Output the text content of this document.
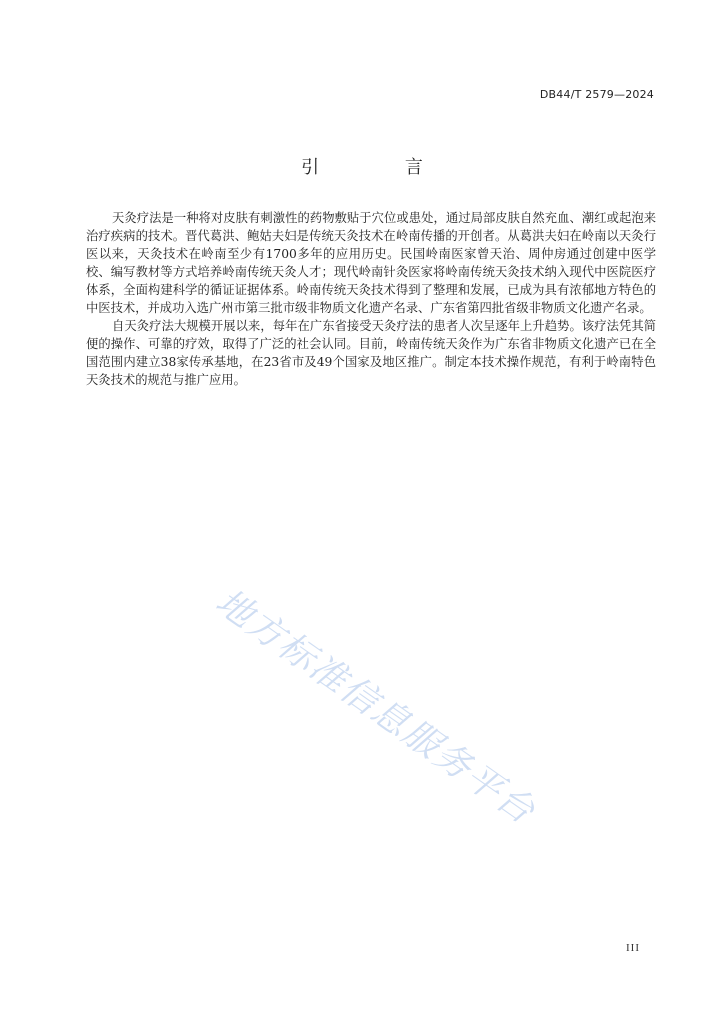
DB44/T 2579—2024
引 言

天灸疗法是一种将对皮肤有刺激性的药物敷贴于穴位或患处，通过局部皮肤自然充血、潮红或起泡来治疗疾病的技术。晋代葛洪、鲍姑夫妇是传统天灸技术在岭南传播的开创者。从葛洪夫妇在岭南以天灸行医以来，天灸技术在岭南至少有1700多年的应用历史。民国岭南医家曾天治、周仲房通过创建中医学校、编写教材等方式培养岭南传统天灸人才；现代岭南针灸医家将岭南传统天灸技术纳入现代中医院医疗体系，全面构建科学的循证证据体系。岭南传统天灸技术得到了整理和发展，已成为具有浓郁地方特色的中医技术，并成功入选广州市第三批市级非物质文化遗产名录、广东省第四批省级非物质文化遗产名录。

自天灸疗法大规模开展以来，每年在广东省接受天灸疗法的患者人次呈逐年上升趋势。该疗法凭其简便的操作、可靠的疗效，取得了广泛的社会认同。目前，岭南传统天灸作为广东省非物质文化遗产已在全国范围内建立38家传承基地，在23省市及49个国家及地区推广。制定本技术操作规范，有利于岭南特色天灸技术的规范与推广应用。

地方标准信息服务平台
III
